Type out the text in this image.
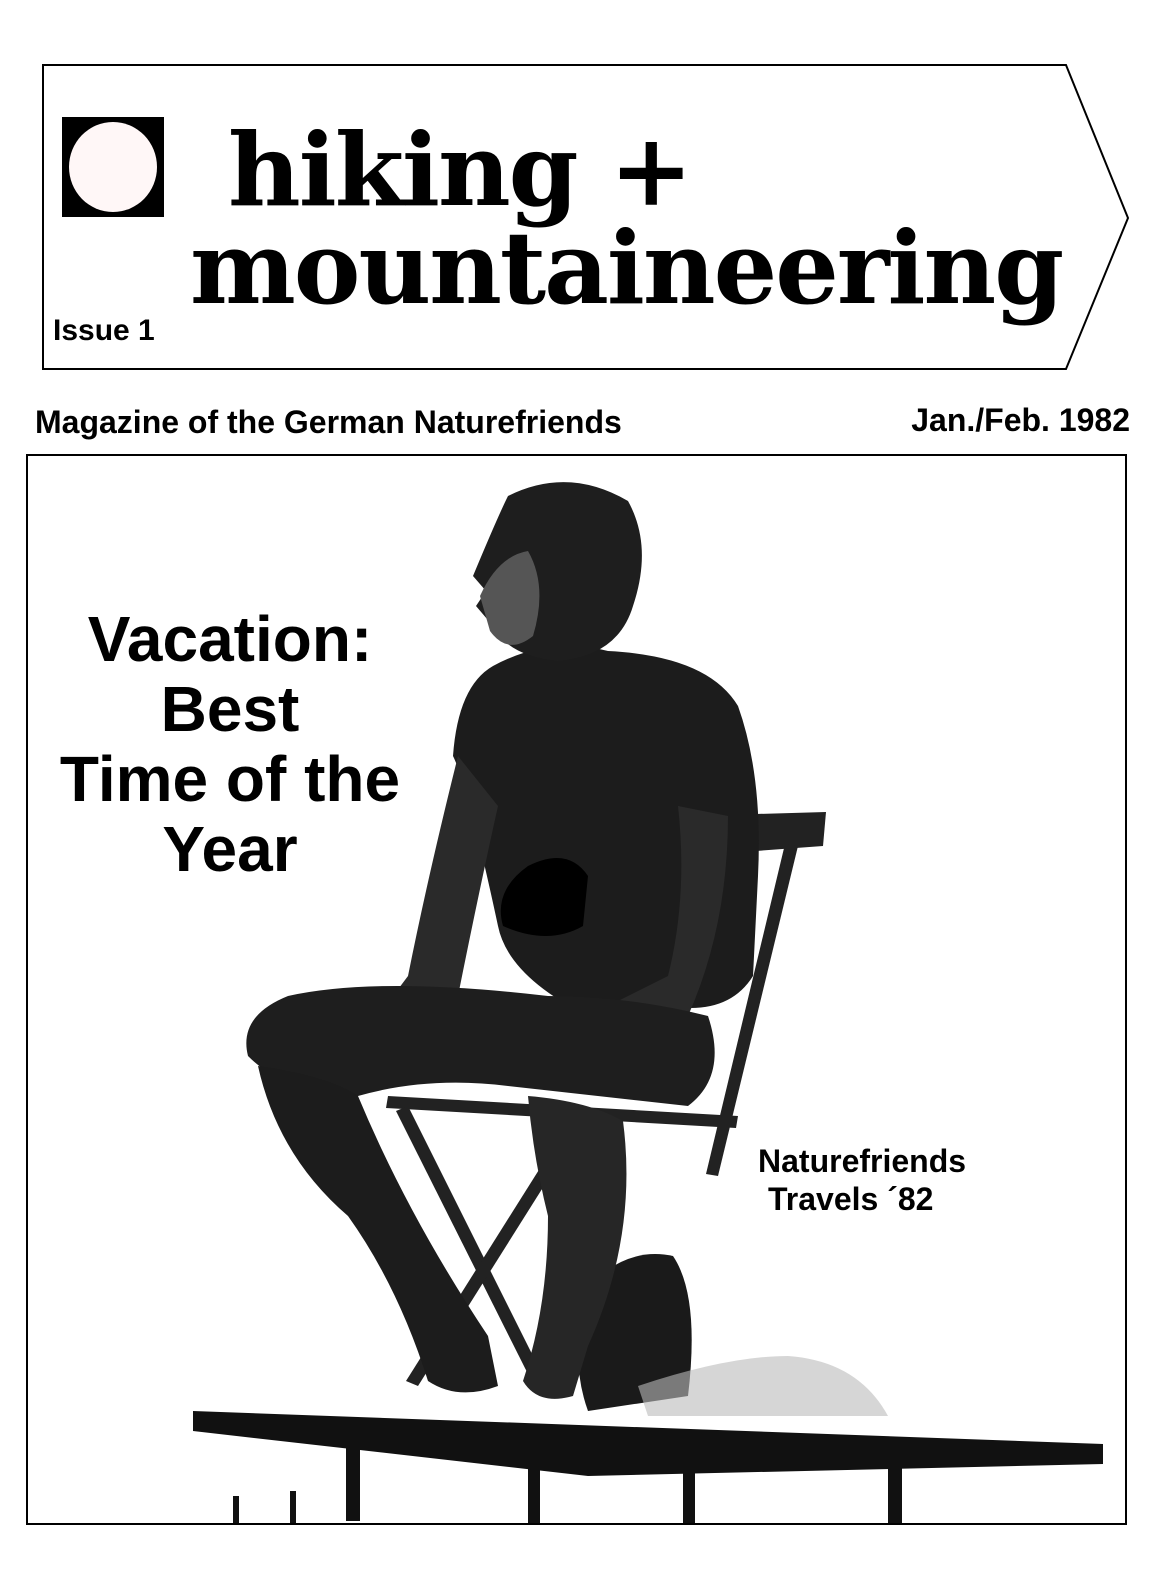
hiking +
mountaineering
Issue 1
Magazine of the German Naturefriends	Jan./Feb. 1982
Vacation:
Best
Time of the
Year
Naturefriends
Travels ´82
